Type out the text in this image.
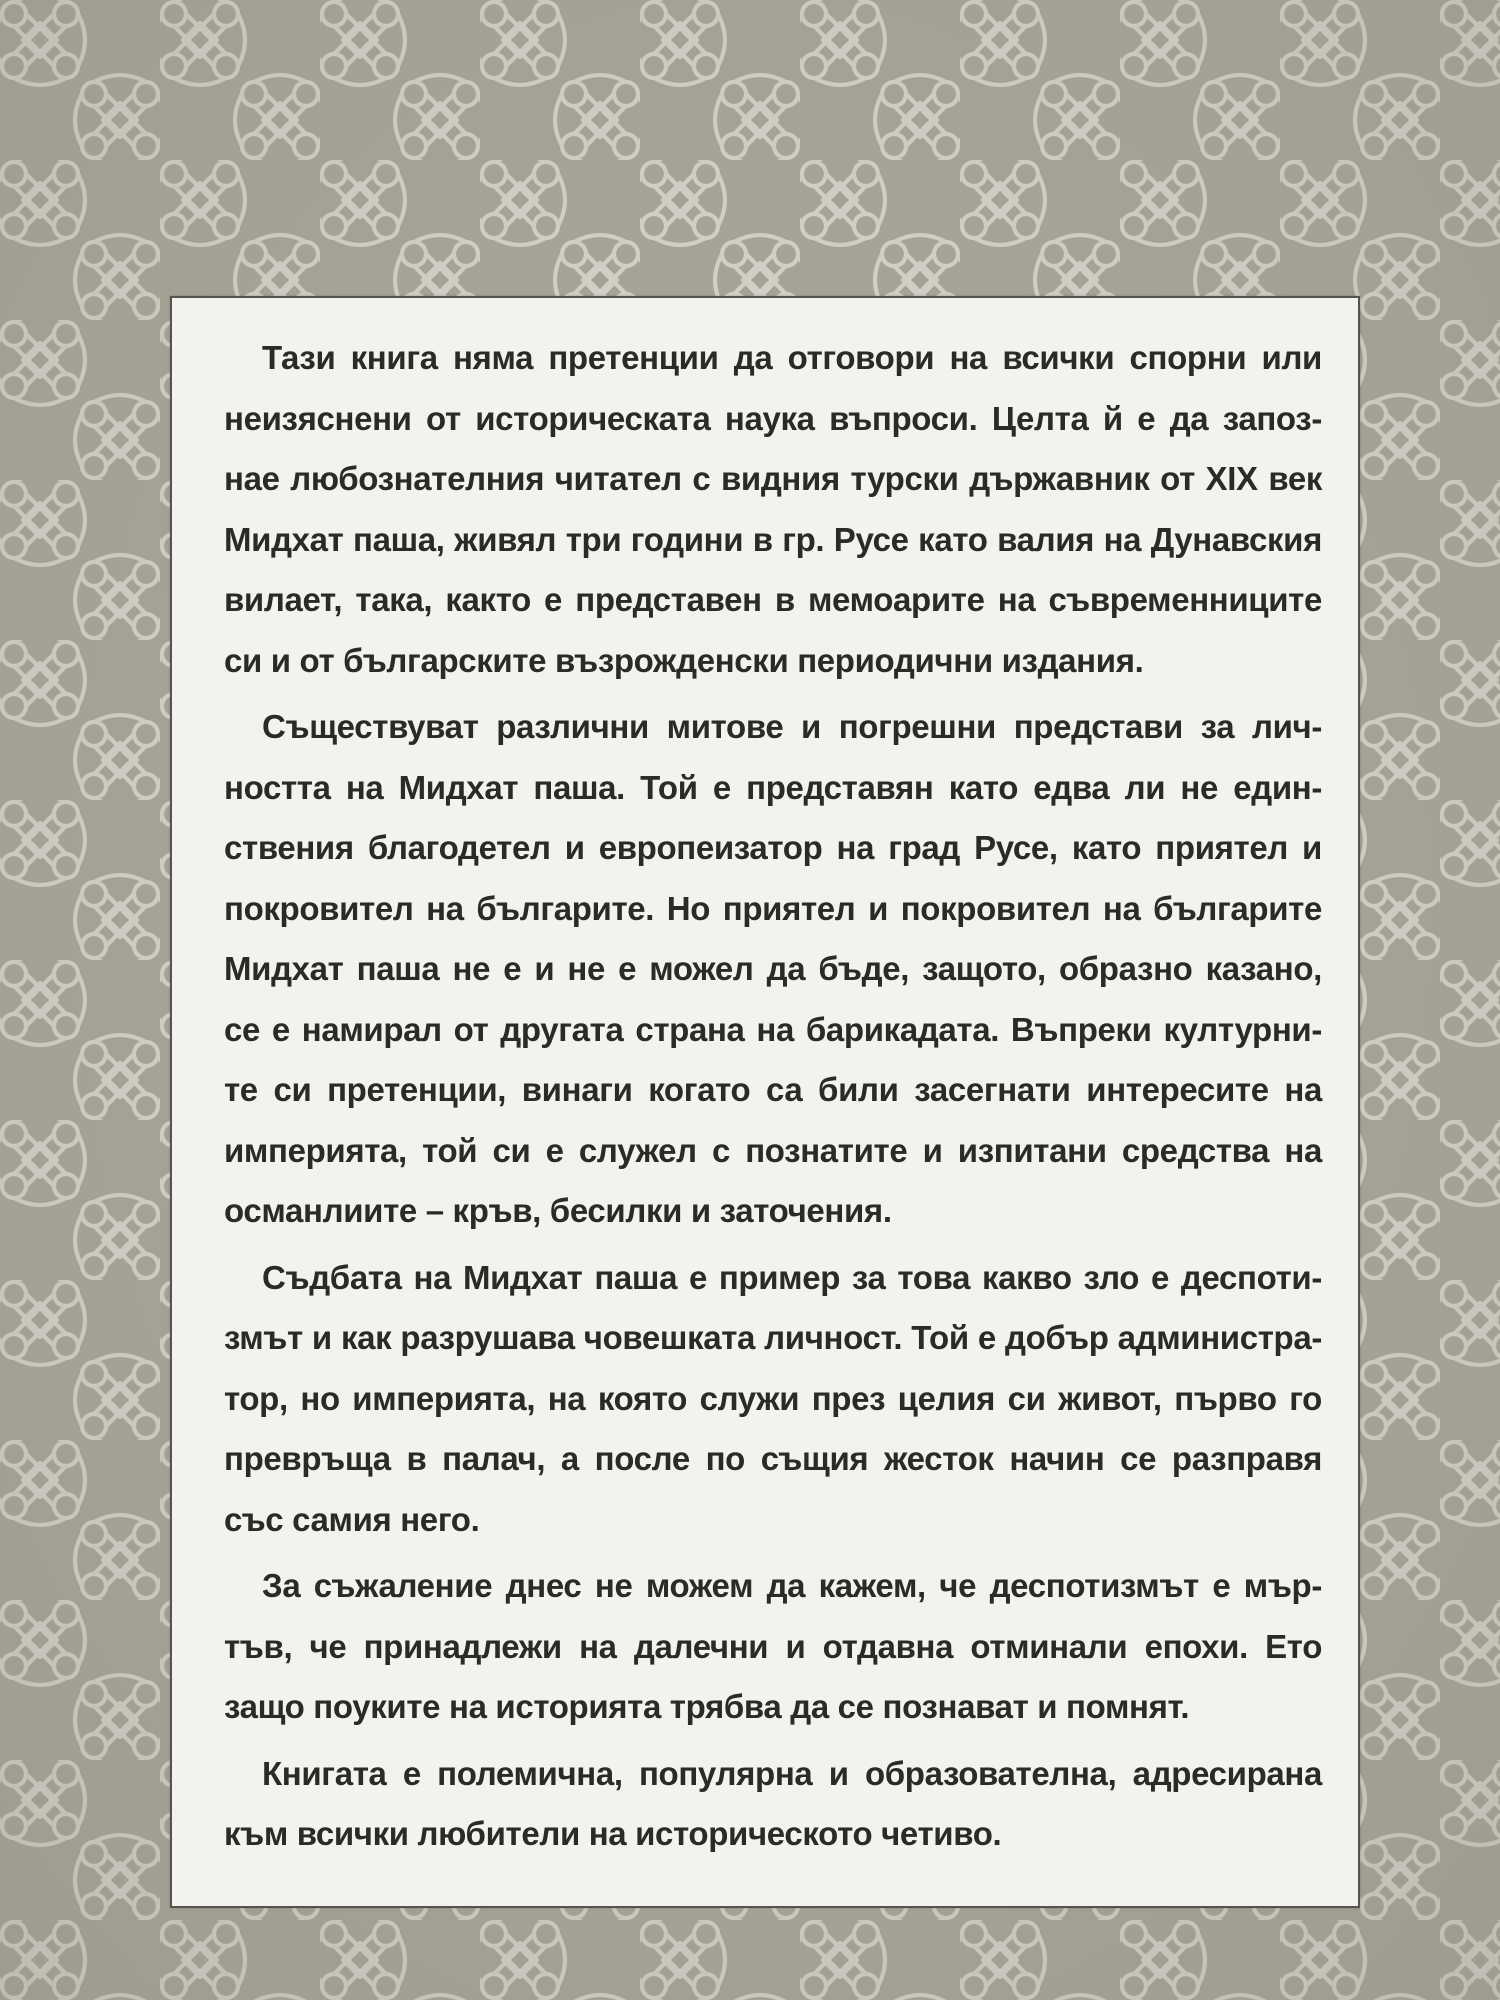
Тази книга няма претенции да отговори на всички спорни или
неизяснени от историческата наука въпроси. Целта й е да запоз-
нае любознателния читател с видния турски държавник от XIX век
Мидхат паша, живял три години в гр. Русе като валия на Дунавския
вилает, така, както е представен в мемоарите на съвременниците
си и от българските възрожденски периодични издания.
Съществуват различни митове и погрешни представи за лич-
ността на Мидхат паша. Той е представян като едва ли не един-
ствения благодетел и европеизатор на град Русе, като приятел и
покровител на българите. Но приятел и покровител на българите
Мидхат паша не е и не е можел да бъде, защото, образно казано,
се е намирал от другата страна на барикадата. Въпреки културни-
те си претенции, винаги когато са били засегнати интересите на
империята, той си е служел с познатите и изпитани средства на
османлиите – кръв, бесилки и заточения.
Съдбата на Мидхат паша е пример за това какво зло е деспоти-
змът и как разрушава човешката личност. Той е добър администра-
тор, но империята, на която служи през целия си живот, първо го
превръща в палач, а после по същия жесток начин се разправя
със самия него.
За съжаление днес не можем да кажем, че деспотизмът е мър-
тъв, че принадлежи на далечни и отдавна отминали епохи. Ето
защо поуките на историята трябва да се познават и помнят.
Книгата е полемична, популярна и образователна, адресирана
към всички любители на историческото четиво.
